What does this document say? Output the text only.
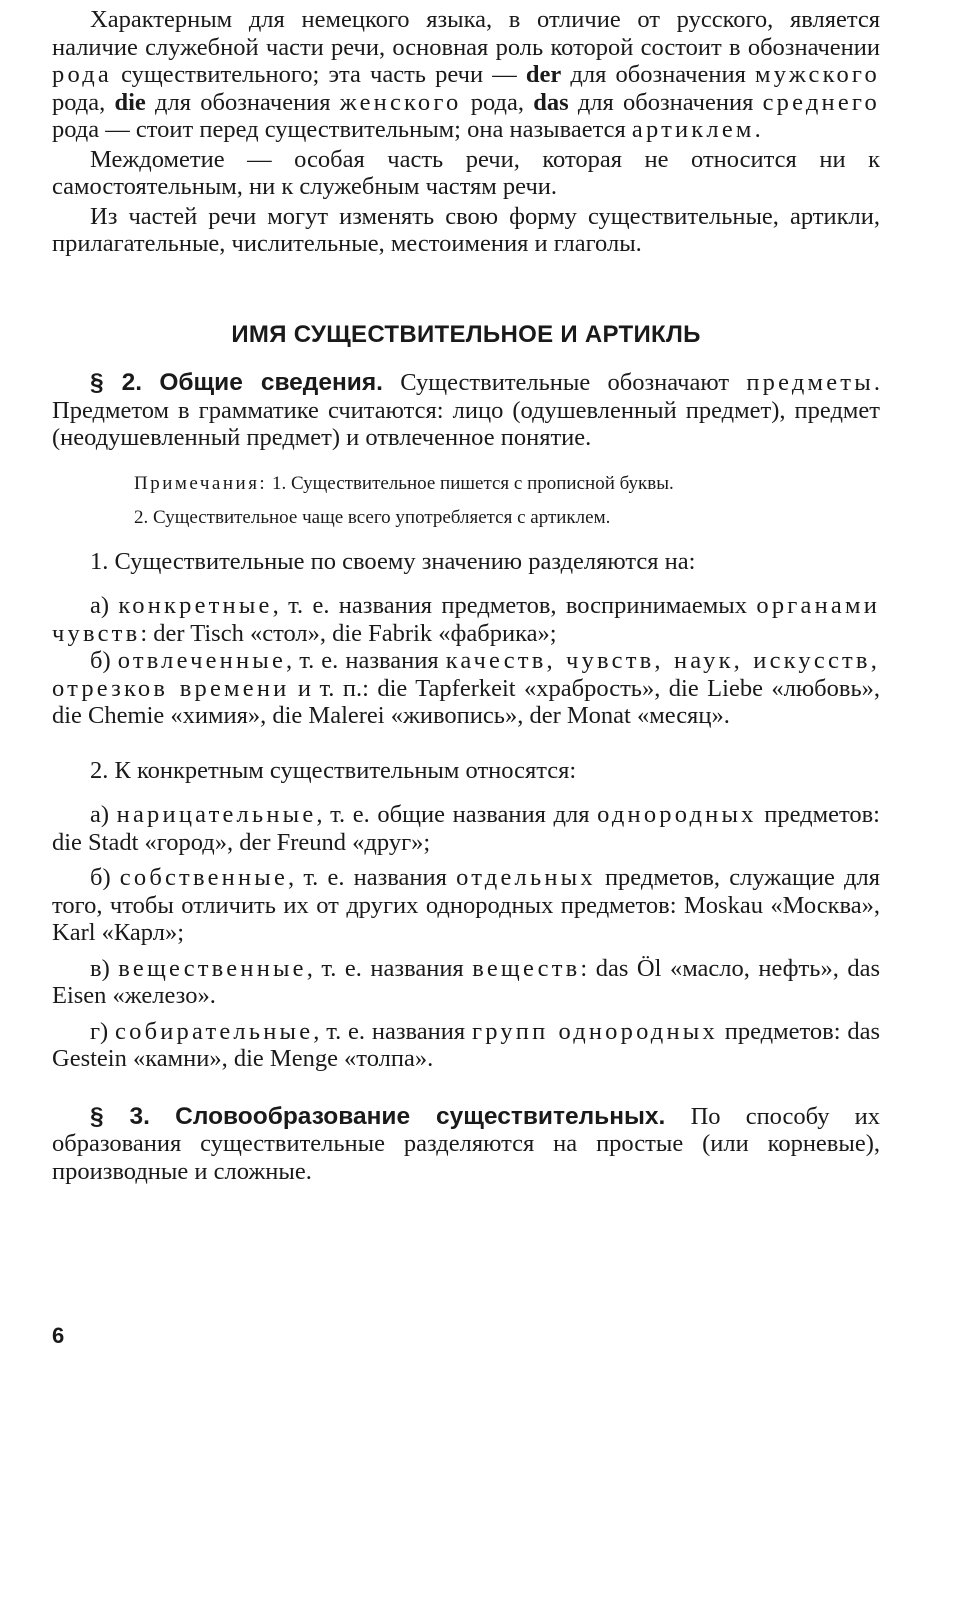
Характерным для немецкого языка, в отличие от русского, является наличие служебной части речи, основная роль которой состоит в обозначении рода существительного; эта часть речи — der для обозначения мужского рода, die для обозначения женского рода, das для обозначения среднего рода — стоит перед существительным; она называется артиклем.

Междометие — особая часть речи, которая не относится ни к самостоятельным, ни к служебным частям речи.

Из частей речи могут изменять свою форму существительные, артикли, прилагательные, числительные, местоимения и глаголы.

ИМЯ СУЩЕСТВИТЕЛЬНОЕ И АРТИКЛЬ

§ 2. Общие сведения. Существительные обозначают предметы. Предметом в грамматике считаются: лицо (одушевленный предмет), предмет (неодушевленный предмет) и отвлеченное понятие.

Примечания: 1. Существительное пишется с прописной буквы.

2. Существительное чаще всего употребляется с артиклем.

1. Существительные по своему значению разделяются на:

а) конкретные, т. е. названия предметов, воспринимаемых органами чувств: der Tisch «стол», die Fabrik «фабрика»;

б) отвлеченные, т. е. названия качеств, чувств, наук, искусств, отрезков времени и т. п.: die Tapferkeit «храбрость», die Liebe «любовь», die Chemie «химия», die Malerei «живопись», der Monat «месяц».

2. К конкретным существительным относятся:

а) нарицательные, т. е. общие названия для однородных предметов: die Stadt «город», der Freund «друг»;

б) собственные, т. е. названия отдельных предметов, служащие для того, чтобы отличить их от других однородных предметов: Moskau «Москва», Karl «Карл»;

в) вещественные, т. е. названия веществ: das Öl «масло, нефть», das Eisen «железо».

г) собирательные, т. е. названия групп однородных предметов: das Gestein «камни», die Menge «толпа».

§ 3. Словообразование существительных. По способу их образования существительные разделяются на простые (или корневые), производные и сложные.

6
